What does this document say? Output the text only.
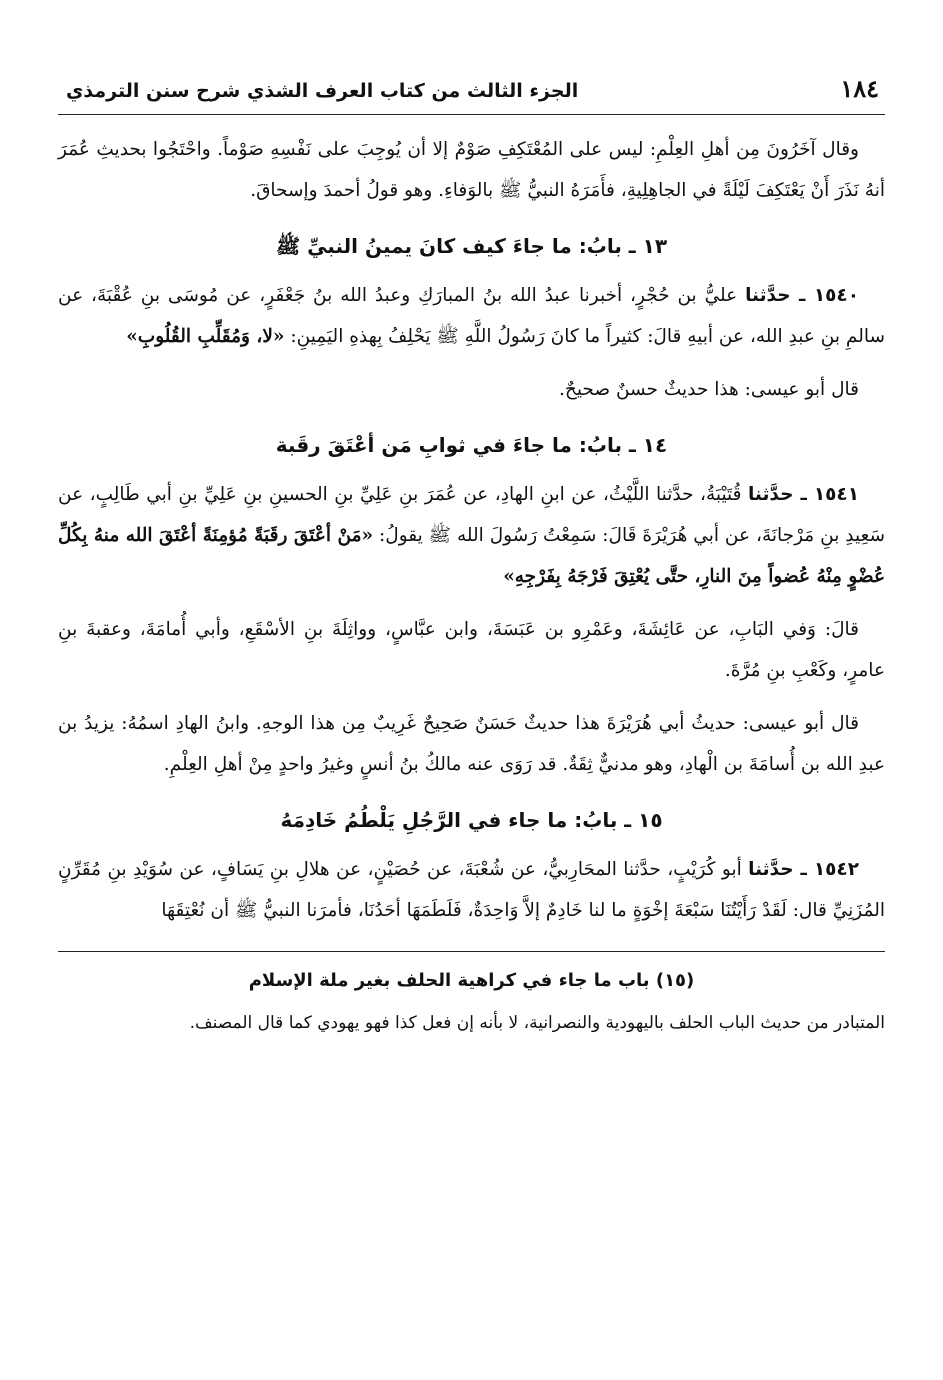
١٨٤
الجزء الثالث من كتاب العرف الشذي شرح سنن الترمذي

وقال آخَرُونَ مِن أهلِ العِلْمِ: ليس على المُعْتَكِفِ صَوْمٌ إلا أن يُوجِبَ على نَفْسِهِ صَوْماً. واحْتَجُوا بحديثِ عُمَرَ أنهُ نَذَرَ أَنْ يَعْتَكِفَ لَيْلَةً في الجاهِلِيةِ، فأَمَرَهُ النبيُّ ﷺ بالوَفاءِ. وهو قولُ أحمدَ وإسحاقَ.

١٣ ـ بابُ: ما جاءَ كيف كانَ يمينُ النبيِّ ﷺ

١٥٤٠ ـ حدَّثنا عليُّ بن حُجْرٍ، أخبرنا عبدُ الله بنُ المبارَكِ وعبدُ الله بنُ جَعْفَرٍ، عن مُوسَى بنِ عُقْبَةَ، عن سالمِ بنِ عبدِ الله، عن أبيهِ قالَ: كثيراً ما كانَ رَسُولُ اللَّهِ ﷺ يَحْلِفُ بِهذهِ اليَمِينِ: «لا، وَمُقَلِّبِ القُلُوبِ»

قال أبو عيسى: هذا حديثٌ حسنٌ صحيحٌ.

١٤ ـ بابُ: ما جاءَ في ثوابِ مَن أعْتَقَ رقَبة

١٥٤١ ـ حدَّثنا قُتَيْبَةُ، حدَّثنا اللَّيْثُ، عن ابنِ الهادِ، عن عُمَرَ بنِ عَلِيِّ بنِ الحسينِ بنِ عَلِيِّ بنِ أبي طَالِبٍ، عن سَعِيدِ بنِ مَرْجانَةَ، عن أبي هُرَيْرَةَ قَالَ: سَمِعْتُ رَسُولَ الله ﷺ يقولُ: «مَنْ أعْتَقَ رقَبَةً مُؤمِنَةً أعْتَقَ الله منهُ بِكُلِّ عُضْوٍ مِنْهُ عُضواً مِنَ النارِ، حتَّى يُعْتِقَ فَرْجَهُ بِفَرْجِهِ»

قالَ: وَفي البَابِ، عن عَائِشَةَ، وعَمْرِو بن عَبَسَةَ، وابن عبَّاسٍ، وواثِلَةَ بنِ الأسْقَعِ، وأبي أُمامَةَ، وعقبةَ بنِ عامرٍ، وكَعْبِ بنِ مُرَّةَ.

قال أبو عيسى: حديثُ أبي هُرَيْرَةَ هذا حديثٌ حَسَنٌ صَحِيحٌ غَرِيبٌ مِن هذا الوجهِ. وابنُ الهادِ اسمُهُ: يزيدُ بن عبدِ الله بن أُسامَةَ بن الْهادِ، وهو مدنيٌّ ثِقَةٌ. قد رَوَى عنه مالكُ بنُ أنسٍ وغيرُ واحدٍ مِنْ أهلِ العِلْمِ.

١٥ ـ بابُ: ما جاء في الرَّجُلِ يَلْطُمُ خَادِمَهُ

١٥٤٢ ـ حدَّثنا أبو كُرَيْبٍ، حدَّثنا المحَارِبيُّ، عن شُعْبَةَ، عن حُصَيْنٍ، عن هلالِ بنِ يَسَافٍ، عن سُوَيْدِ بنِ مُقَرِّنٍ المُزَنِيِّ قال: لَقَدْ رَأَيْتُنَا سَبْعَةَ إخْوَةٍ ما لنا خَادِمٌ إلاَّ وَاحِدَةٌ، فَلَطَمَهَا أحَدُنَا، فأمرَنا النبيُّ ﷺ أن نُعْتِقَهَا

(١٥) باب ما جاء في كراهية الحلف بغير ملة الإسلام

المتبادر من حديث الباب الحلف باليهودية والنصرانية، لا بأنه إن فعل كذا فهو يهودي كما قال المصنف.
